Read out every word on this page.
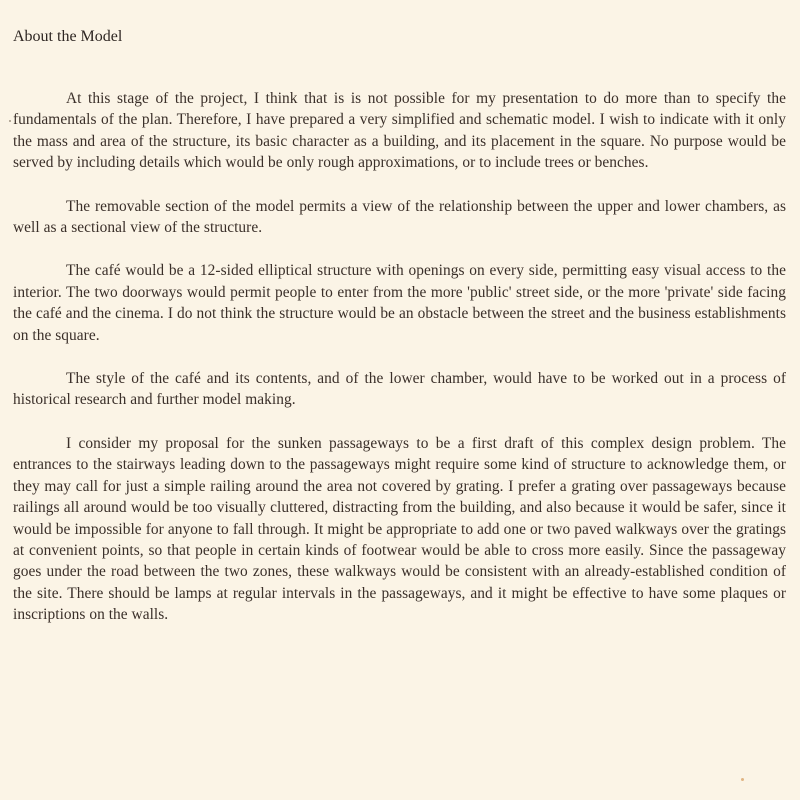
About the Model

At this stage of the project, I think that is is not possible for my presentation to do more than to specify the fundamentals of the plan. Therefore, I have prepared a very simplified and schematic model. I wish to indicate with it only the mass and area of the structure, its basic character as a building, and its placement in the square. No purpose would be served by including details which would be only rough approximations, or to include trees or benches.

The removable section of the model permits a view of the relationship between the upper and lower chambers, as well as a sectional view of the structure.

The café would be a 12-sided elliptical structure with openings on every side, permitting easy visual access to the interior. The two doorways would permit people to enter from the more 'public' street side, or the more 'private' side facing the café and the cinema. I do not think the structure would be an obstacle between the street and the business establishments on the square.

The style of the café and its contents, and of the lower chamber, would have to be worked out in a process of historical research and further model making.

I consider my proposal for the sunken passageways to be a first draft of this complex design problem. The entrances to the stairways leading down to the passageways might require some kind of structure to acknowledge them, or they may call for just a simple railing around the area not covered by grating. I prefer a grating over passageways because railings all around would be too visually cluttered, distracting from the building, and also because it would be safer, since it would be impossible for anyone to fall through. It might be appropriate to add one or two paved walkways over the gratings at convenient points, so that people in certain kinds of footwear would be able to cross more easily. Since the passageway goes under the road between the two zones, these walkways would be consistent with an already-established condition of the site. There should be lamps at regular intervals in the passageways, and it might be effective to have some plaques or inscriptions on the walls.
